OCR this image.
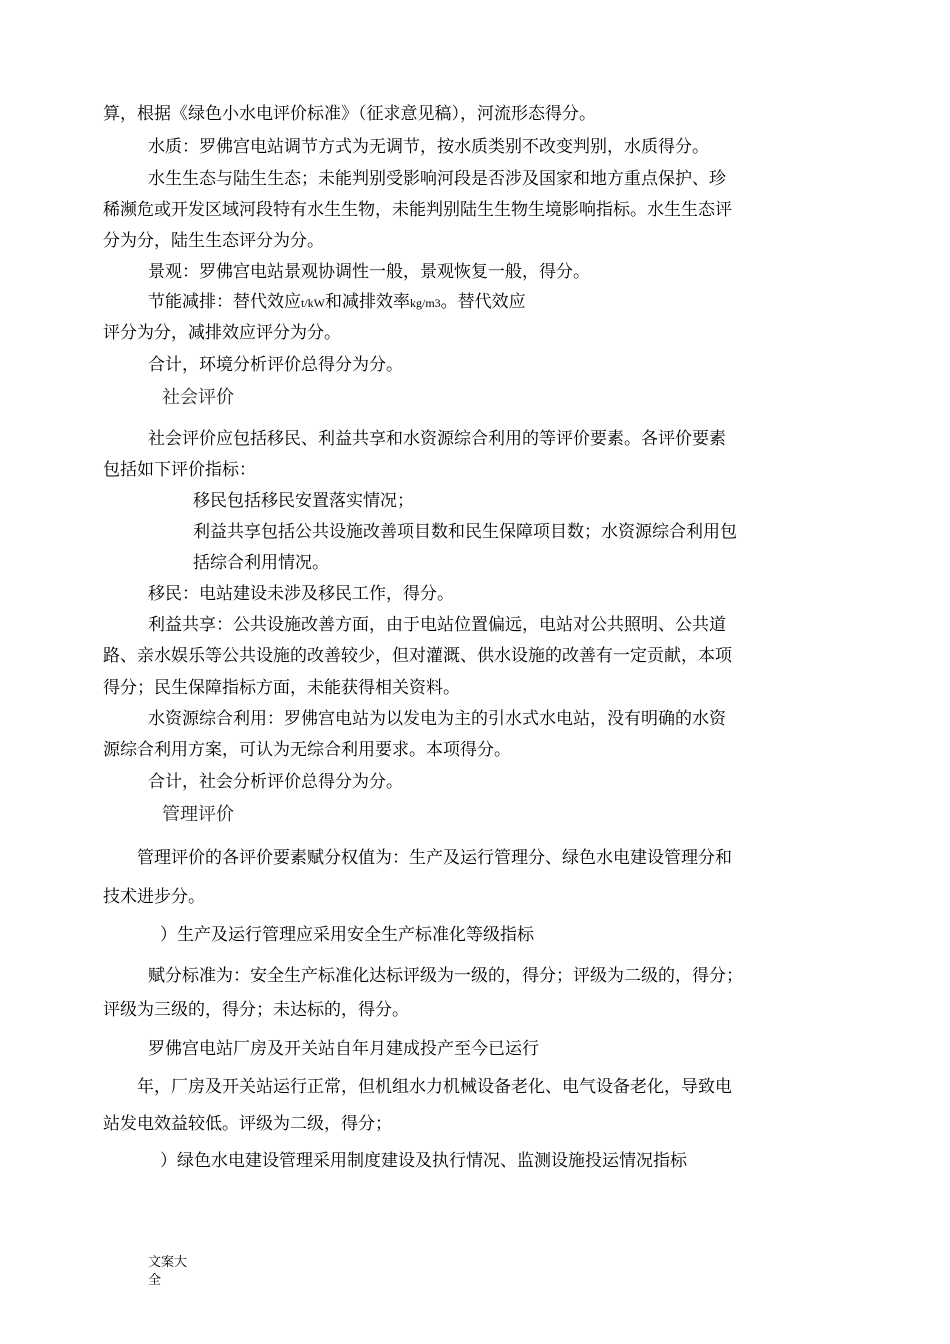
算，根据《绿色小水电评价标准》（征求意见稿），河流形态得分。
水质：罗佛宫电站调节方式为无调节，按水质类别不改变判别，水质得分。
水生生态与陆生生态；未能判别受影响河段是否涉及国家和地方重点保护、珍
稀濒危或开发区域河段特有水生生物，未能判别陆生生物生境影响指标。水生生态评
分为分，陆生生态评分为分。
景观：罗佛宫电站景观协调性一般，景观恢复一般，得分。
节能减排：替代效应t/kW和减排效率kg/m3。替代效应
评分为分，减排效应评分为分。
合计，环境分析评价总得分为分。
社会评价
社会评价应包括移民、利益共享和水资源综合利用的等评价要素。各评价要素
包括如下评价指标：
移民包括移民安置落实情况；
利益共享包括公共设施改善项目数和民生保障项目数；水资源综合利用包
括综合利用情况。
移民：电站建设未涉及移民工作，得分。
利益共享：公共设施改善方面，由于电站位置偏远，电站对公共照明、公共道
路、亲水娱乐等公共设施的改善较少，但对灌溉、供水设施的改善有一定贡献，本项
得分；民生保障指标方面，未能获得相关资料。
水资源综合利用：罗佛宫电站为以发电为主的引水式水电站，没有明确的水资
源综合利用方案，可认为无综合利用要求。本项得分。
合计，社会分析评价总得分为分。
管理评价
管理评价的各评价要素赋分权值为：生产及运行管理分、绿色水电建设管理分和
技术进步分。
）生产及运行管理应采用安全生产标准化等级指标
赋分标准为：安全生产标准化达标评级为一级的，得分；评级为二级的，得分；
评级为三级的，得分；未达标的，得分。
罗佛宫电站厂房及开关站自年月建成投产至今已运行
年，厂房及开关站运行正常，但机组水力机械设备老化、电气设备老化，导致电
站发电效益较低。评级为二级，得分；
）绿色水电建设管理采用制度建设及执行情况、监测设施投运情况指标
文案大
全
